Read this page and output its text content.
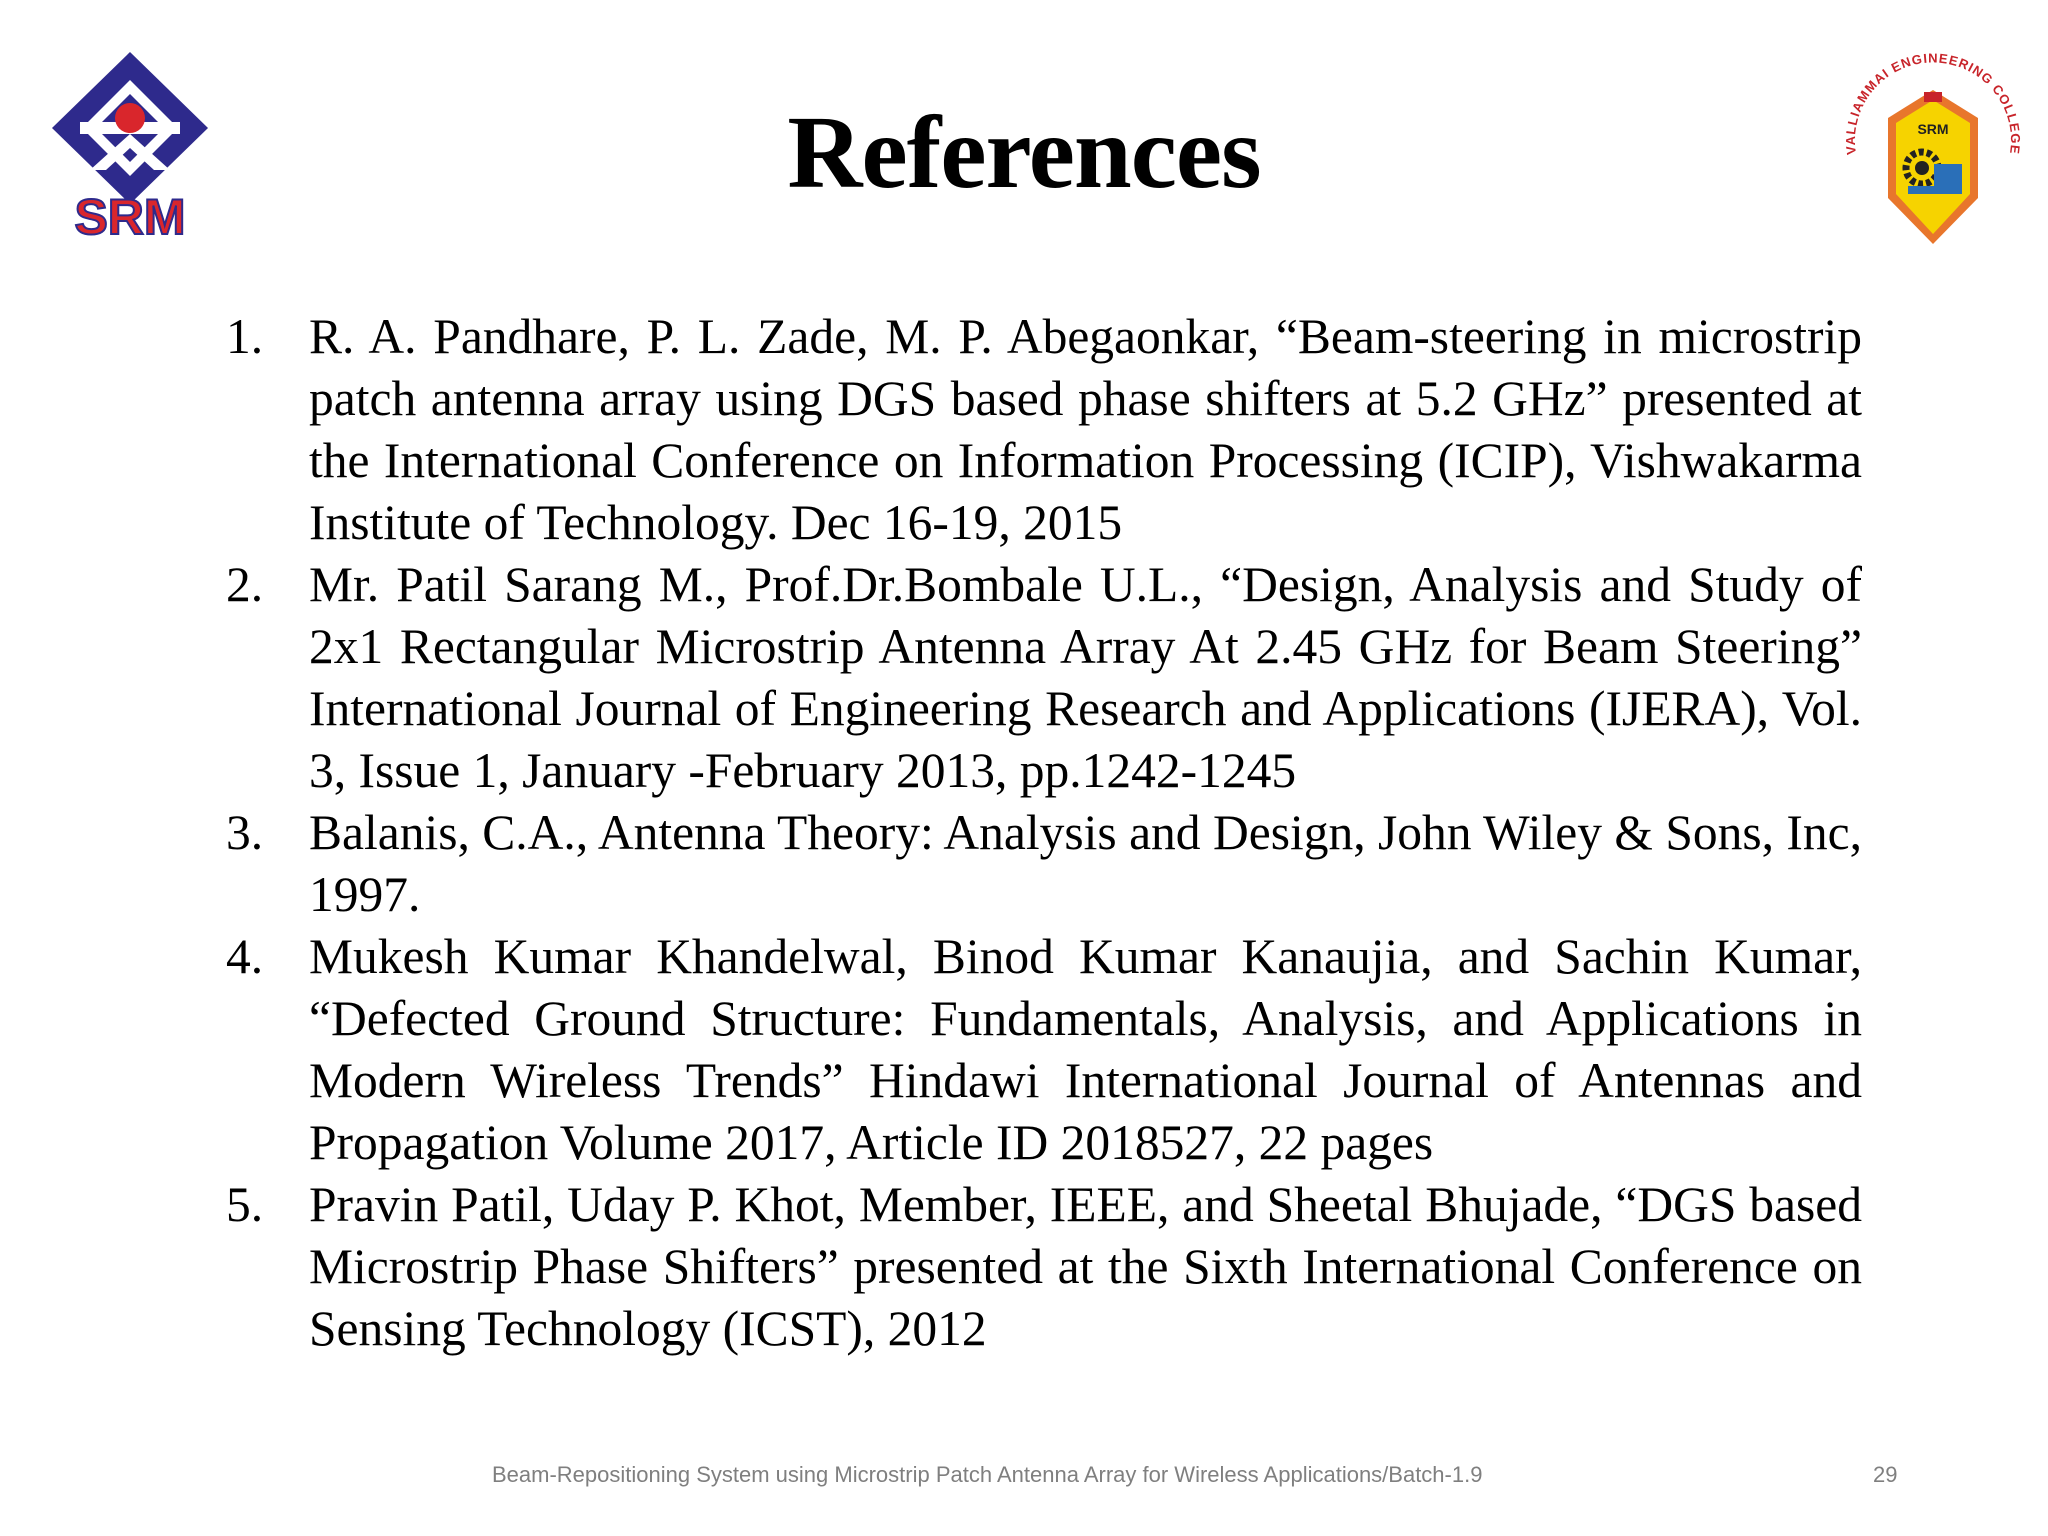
SRM
References	VALLIAMMAI ENGINEERING COLLEGE
SRM
1. R. A. Pandhare, P. L. Zade, M. P. Abegaonkar, “Beam-steering in microstrip patch antenna array using DGS based phase shifters at 5.2 GHz” presented at the International Conference on Information Processing (ICIP), Vishwakarma Institute of Technology. Dec 16-19, 2015
2. Mr. Patil Sarang M., Prof.Dr.Bombale U.L., “Design, Analysis and Study of 2x1 Rectangular Microstrip Antenna Array At 2.45 GHz for Beam Steering” International Journal of Engineering Research and Applications (IJERA), Vol. 3, Issue 1, January -February 2013, pp.1242-1245
3. Balanis, C.A., Antenna Theory: Analysis and Design, John Wiley & Sons, Inc, 1997.
4. Mukesh Kumar Khandelwal, Binod Kumar Kanaujia, and Sachin Kumar, “Defected Ground Structure: Fundamentals, Analysis, and Applications in Modern Wireless Trends” Hindawi International Journal of Antennas and Propagation Volume 2017, Article ID 2018527, 22 pages
5. Pravin Patil, Uday P. Khot, Member, IEEE, and Sheetal Bhujade, “DGS based Microstrip Phase Shifters” presented at the Sixth International Conference on Sensing Technology (ICST), 2012
Beam-Repositioning System using Microstrip Patch Antenna Array for Wireless Applications/Batch-1.9	29
